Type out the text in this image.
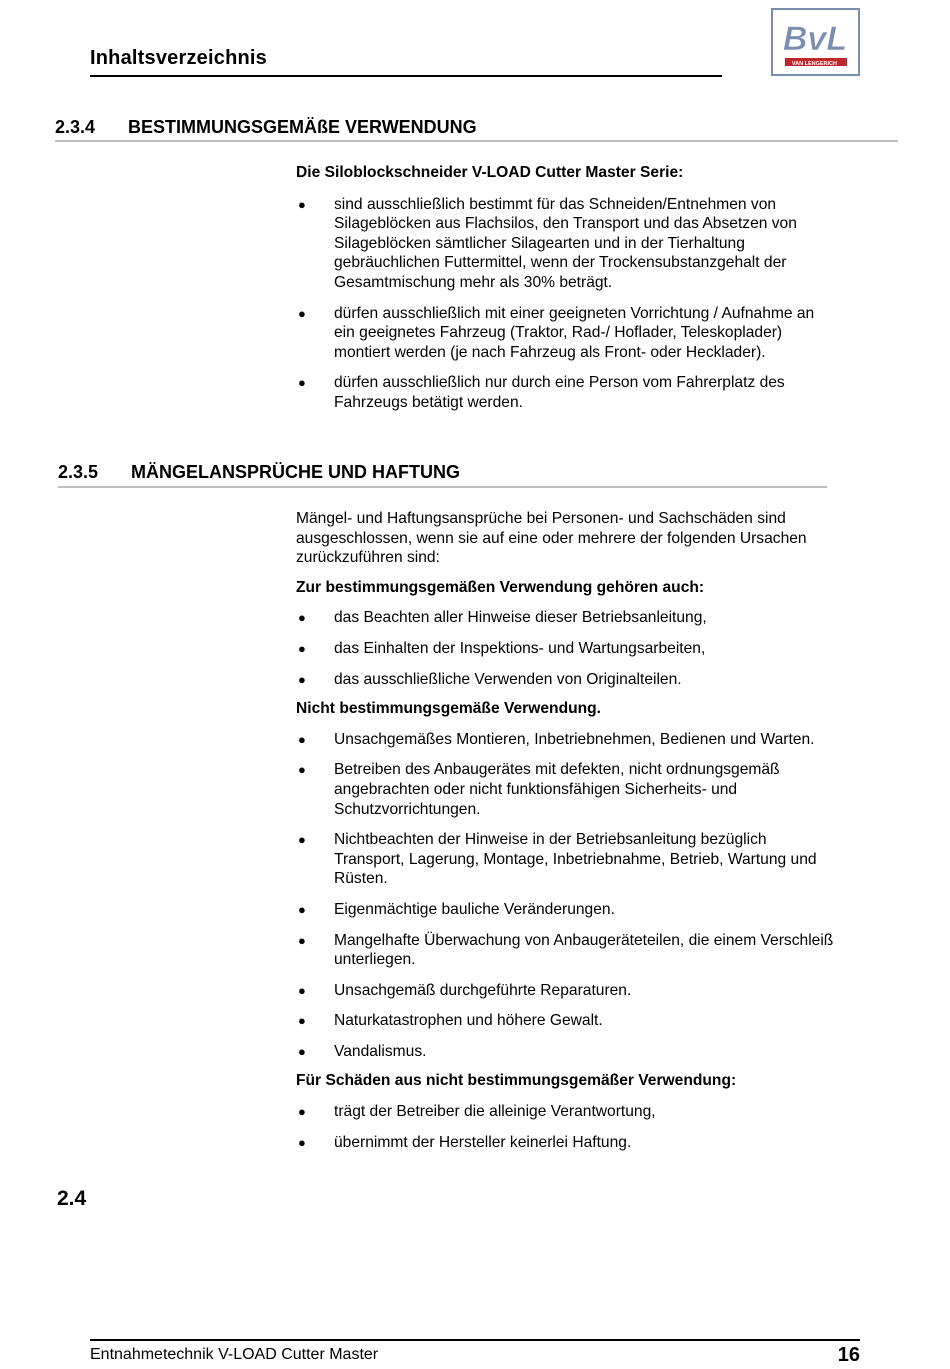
Inhaltsverzeichnis	BvL
VAN LENGERICH
2.3.4 BESTIMMUNGSGEMÄßE VERWENDUNG

Die Siloblockschneider V-LOAD Cutter Master Serie:

● sind ausschließlich bestimmt für das Schneiden/Entnehmen von Silageblöcken aus Flachsilos, den Transport und das Absetzen von Silageblöcken sämtlicher Silagearten und in der Tierhaltung gebräuchlichen Futtermittel, wenn der Trockensubstanzgehalt der Gesamtmischung mehr als 30% beträgt.
● dürfen ausschließlich mit einer geeigneten Vorrichtung / Aufnahme an ein geeignetes Fahrzeug (Traktor, Rad-/ Hoflader, Teleskoplader) montiert werden (je nach Fahrzeug als Front- oder Hecklader).
● dürfen ausschließlich nur durch eine Person vom Fahrerplatz des Fahrzeugs betätigt werden.
2.3.5 MÄNGELANSPRÜCHE UND HAFTUNG

Mängel- und Haftungsansprüche bei Personen- und Sachschäden sind ausgeschlossen, wenn sie auf eine oder mehrere der folgenden Ursachen zurückzuführen sind:

Zur bestimmungsgemäßen Verwendung gehören auch:

● das Beachten aller Hinweise dieser Betriebsanleitung,
● das Einhalten der Inspektions- und Wartungsarbeiten,
● das ausschließliche Verwenden von Originalteilen.

Nicht bestimmungsgemäße Verwendung.

● Unsachgemäßes Montieren, Inbetriebnehmen, Bedienen und Warten.
● Betreiben des Anbaugerätes mit defekten, nicht ordnungsgemäß angebrachten oder nicht funktionsfähigen Sicherheits- und Schutzvorrichtungen.
● Nichtbeachten der Hinweise in der Betriebsanleitung bezüglich Transport, Lagerung, Montage, Inbetriebnahme, Betrieb, Wartung und Rüsten.
● Eigenmächtige bauliche Veränderungen.
● Mangelhafte Überwachung von Anbaugeräteteilen, die einem Verschleiß unterliegen.
● Unsachgemäß durchgeführte Reparaturen.
● Naturkatastrophen und höhere Gewalt.
● Vandalismus.

Für Schäden aus nicht bestimmungsgemäßer Verwendung:

● trägt der Betreiber die alleinige Verantwortung,
● übernimmt der Hersteller keinerlei Haftung.
2.4
Entnahmetechnik V-LOAD Cutter Master	16
